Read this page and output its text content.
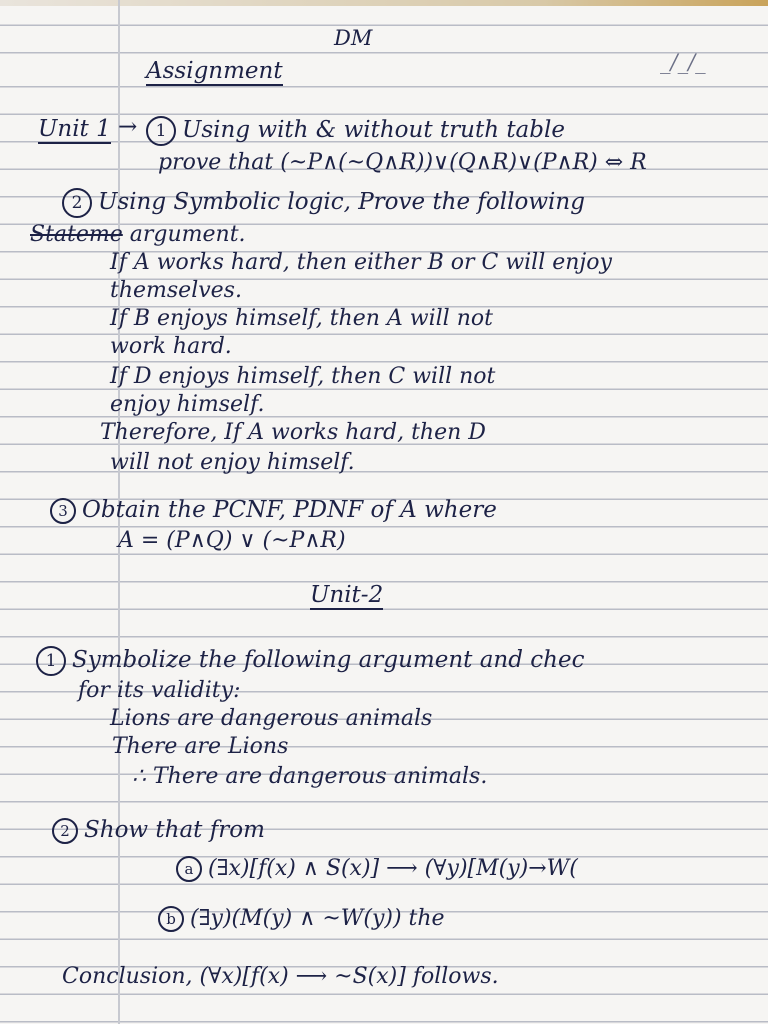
DM
Assignment	_/_/_
Unit 1 →	1 Using with & without truth table
prove that (~P∧(~Q∧R))∨(Q∧R)∨(P∧R) ⇔ R
2 Using Symbolic logic, Prove the following
Stateme argument.
If A works hard, then either B or C will enjoy
themselves.
If B enjoys himself, then A will not
work hard.
If D enjoys himself, then C will not
enjoy himself.
Therefore, If A works hard, then D
will not enjoy himself.
3 Obtain the PCNF, PDNF of A where
A = (P∧Q) ∨ (~P∧R)
Unit-2
1 Symbolize the following argument and chec
for its validity:
Lions are dangerous animals
There are Lions
∴ There are dangerous animals.
2 Show that from
a (∃x)[f(x) ∧ S(x)] ⟶ (∀y)[M(y)→W(
b (∃y)(M(y) ∧ ~W(y)) the
Conclusion, (∀x)[f(x) ⟶ ~S(x)] follows.
